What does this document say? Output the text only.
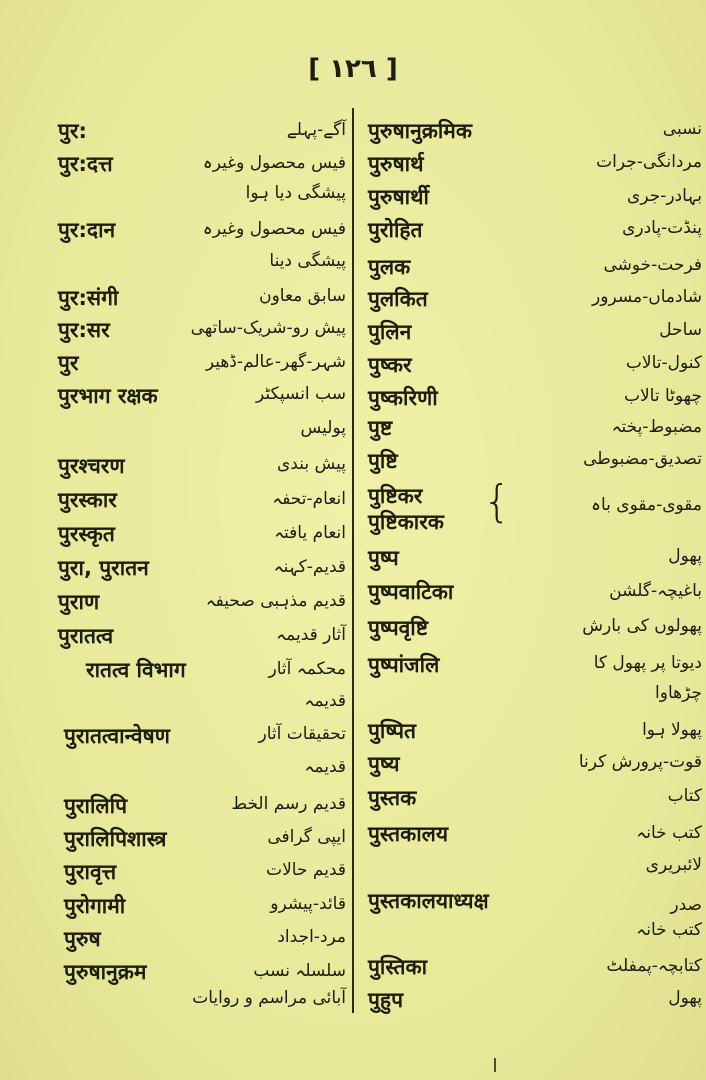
[ ١٢٦ ]
पुर:	آگے-پہلے
पुर:दत्त	فیس محصول وغیرہ
پیشگی دیا ہوا
पुर:दान	فیس محصول وغیرہ
پیشگی دینا
पुर:संगी	سابق معاون
पुर:सर	پیش رو-شریک-ساتھی
पुर	شہر-گھر-عالم-ڈھیر
पुरभाग रक्षक	سب انسپکٹر
پولیس
पुरश्चरण	پیش بندی
पुरस्कार	انعام-تحفہ
पुरस्कृत	انعام یافتہ
पुरा, पुरातन	قدیم-کہنہ
पुराण	قدیم مذہبی صحیفہ
पुरातत्व	آثار قدیمہ
रातत्व विभाग	محکمہ آثار
قدیمہ
पुरातत्वान्वेषण	تحقیقات آثار
قدیمہ
पुरालिपि	قدیم رسم الخط
पुरालिपिशास्त्र	ایپی گرافی
पुरावृत्त	قدیم حالات
पुरोगामी	قائد-پیشرو
पुरुष	مرد-اجداد
पुरुषानुक्रम	سلسلہ نسب
آبائی مراسم و روایات
पुरुषानुक्रमिक	نسبی
पुरुषार्थ	مردانگی-جرات
पुरुषार्थी	بہادر-جری
पुरोहित	پنڈت-پادری
पुलक	فرحت-خوشی
पुलकित	شادماں-مسرور
पुलिन	ساحل
पुष्कर	کنول-تالاب
पुष्करिणी	چھوٹا تالاب
पुष्ट	مضبوط-پختہ
पुष्टि	تصدیق-مضبوطی
पुष्टिकर	مقوی-مقوی باہ
पुष्टिकारक
पुष्प	پھول
पुष्पवाटिका	باغیچہ-گلشن
पुष्पवृष्टि	پھولوں کی بارش
पुष्पांजलि	دیوتا پر پھول کا
چڑھاوا
पुष्पित	پھولا ہوا
पुष्य	قوت-پرورش کرنا
पुस्तक	کتاب
पुस्तकालय	کتب خانہ
لائبریری
पुस्तकालयाध्यक्ष	صدر
کتب خانہ
पुस्तिका	کتابچہ-پمفلٹ
पुहुप	پھول
{
